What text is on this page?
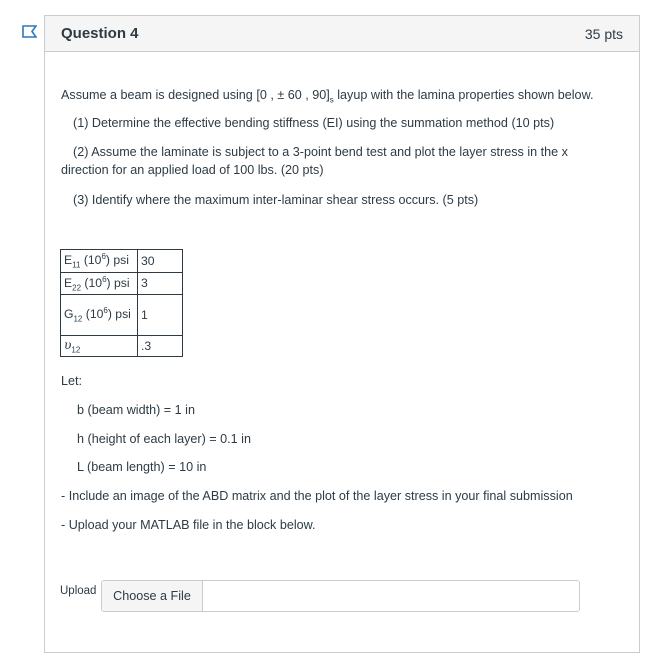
Question 4	35 pts
Assume a beam is designed using [0 , ± 60 , $90]_s$ layup with the lamina properties shown below.
(1) Determine the effective bending stiffness (EI) using the summation method (10 pts)
(2) Assume the laminate is subject to a 3-point bend test and plot the layer stress in the x direction for an applied load of 100 lbs. (20 pts)
(3) Identify where the maximum inter-laminar shear stress occurs. (5 pts)
$E_{11}$ $(10^6)$ psi	30
$E_{22}$ $(10^6)$ psi	3
$G_{12}$ $(10^6)$ psi	1
$\upsilon_{12}$	.3
Let:
b (beam width) = 1 in
h (height of each layer) = 0.1 in
L (beam length) = 10 in
- Include an image of the ABD matrix and the plot of the layer stress in your final submission
- Upload your MATLAB file in the block below.
Upload	Choose a File
